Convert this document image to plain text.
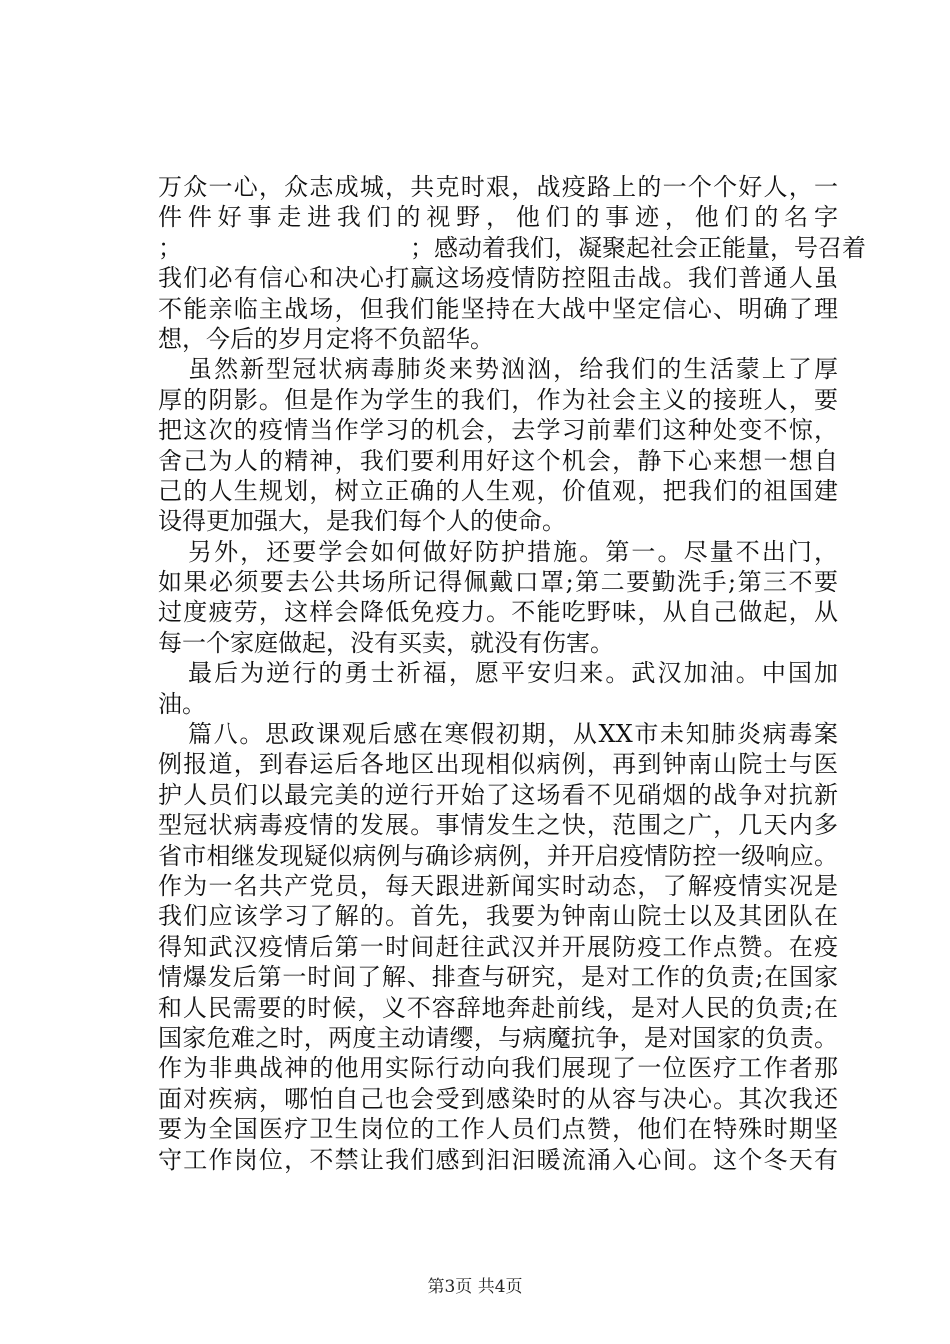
万众一心，众志成城，共克时艰，战疫路上的一个个好人，一
件件好事走进我们的视野，他们的事迹，他们的名字
；　　　　　　　　　　；感动着我们，凝聚起社会正能量，号召着
我们必有信心和决心打赢这场疫情防控阻击战。我们普通人虽
不能亲临主战场，但我们能坚持在大战中坚定信心、明确了理
想，今后的岁月定将不负韶华。
虽然新型冠状病毒肺炎来势汹汹，给我们的生活蒙上了厚
厚的阴影。但是作为学生的我们，作为社会主义的接班人，要
把这次的疫情当作学习的机会，去学习前辈们这种处变不惊，
舍己为人的精神，我们要利用好这个机会，静下心来想一想自
己的人生规划，树立正确的人生观，价值观，把我们的祖国建
设得更加强大，是我们每个人的使命。
另外，还要学会如何做好防护措施。第一。尽量不出门，
如果必须要去公共场所记得佩戴口罩;第二要勤洗手;第三不要
过度疲劳，这样会降低免疫力。不能吃野味，从自己做起，从
每一个家庭做起，没有买卖，就没有伤害。
最后为逆行的勇士祈福，愿平安归来。武汉加油。中国加
油。
篇八。思政课观后感在寒假初期，从XX市未知肺炎病毒案
例报道，到春运后各地区出现相似病例，再到钟南山院士与医
护人员们以最完美的逆行开始了这场看不见硝烟的战争对抗新
型冠状病毒疫情的发展。事情发生之快，范围之广，几天内多
省市相继发现疑似病例与确诊病例，并开启疫情防控一级响应。
作为一名共产党员，每天跟进新闻实时动态，了解疫情实况是
我们应该学习了解的。首先，我要为钟南山院士以及其团队在
得知武汉疫情后第一时间赶往武汉并开展防疫工作点赞。在疫
情爆发后第一时间了解、排查与研究，是对工作的负责;在国家
和人民需要的时候，义不容辞地奔赴前线，是对人民的负责;在
国家危难之时，两度主动请缨，与病魔抗争，是对国家的负责。
作为非典战神的他用实际行动向我们展现了一位医疗工作者那
面对疾病，哪怕自己也会受到感染时的从容与决心。其次我还
要为全国医疗卫生岗位的工作人员们点赞，他们在特殊时期坚
守工作岗位，不禁让我们感到汩汩暖流涌入心间。这个冬天有
第3页 共4页
